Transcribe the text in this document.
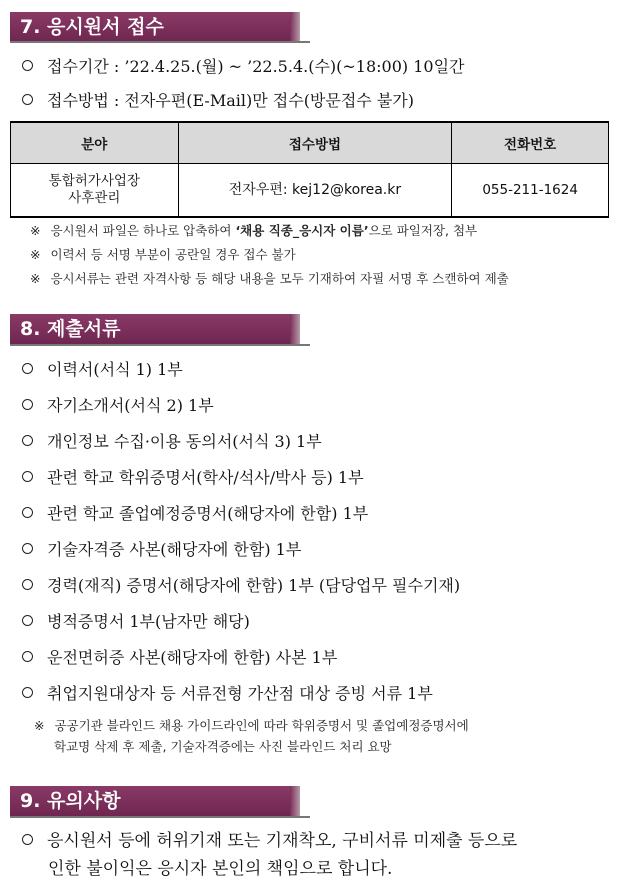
7. 응시원서 접수
접수기간 : ’22.4.25.(월) ~ ’22.5.4.(수)(~18:00) 10일간
접수방법 : 전자우편(E-Mail)만 접수(방문접수 불가)
분야	접수방법	전화번호

통합허가사업장
사후관리	전자우편: kej12@korea.kr	055-211-1624
※ 응시원서 파일은 하나로 압축하여 ‘채용 직종_응시자 이름’으로 파일저장, 첨부
※ 이력서 등 서명 부분이 공란일 경우 접수 불가
※ 응시서류는 관련 자격사항 등 해당 내용을 모두 기재하여 자필 서명 후 스캔하여 제출
8. 제출서류
이력서(서식 1) 1부
자기소개서(서식 2) 1부
개인정보 수집·이용 동의서(서식 3) 1부
관련 학교 학위증명서(학사/석사/박사 등) 1부
관련 학교 졸업예정증명서(해당자에 한함) 1부
기술자격증 사본(해당자에 한함) 1부
경력(재직) 증명서(해당자에 한함) 1부 (담당업무 필수기재)
병적증명서 1부(남자만 해당)
운전면허증 사본(해당자에 한함) 사본 1부
취업지원대상자 등 서류전형 가산점 대상 증빙 서류 1부
※ 공공기관 블라인드 채용 가이드라인에 따라 학위증명서 및 졸업예정증명서에
학교명 삭제 후 제출, 기술자격증에는 사진 블라인드 처리 요망
9. 유의사항
응시원서 등에 허위기재 또는 기재착오, 구비서류 미제출 등으로
인한 불이익은 응시자 본인의 책임으로 합니다.
